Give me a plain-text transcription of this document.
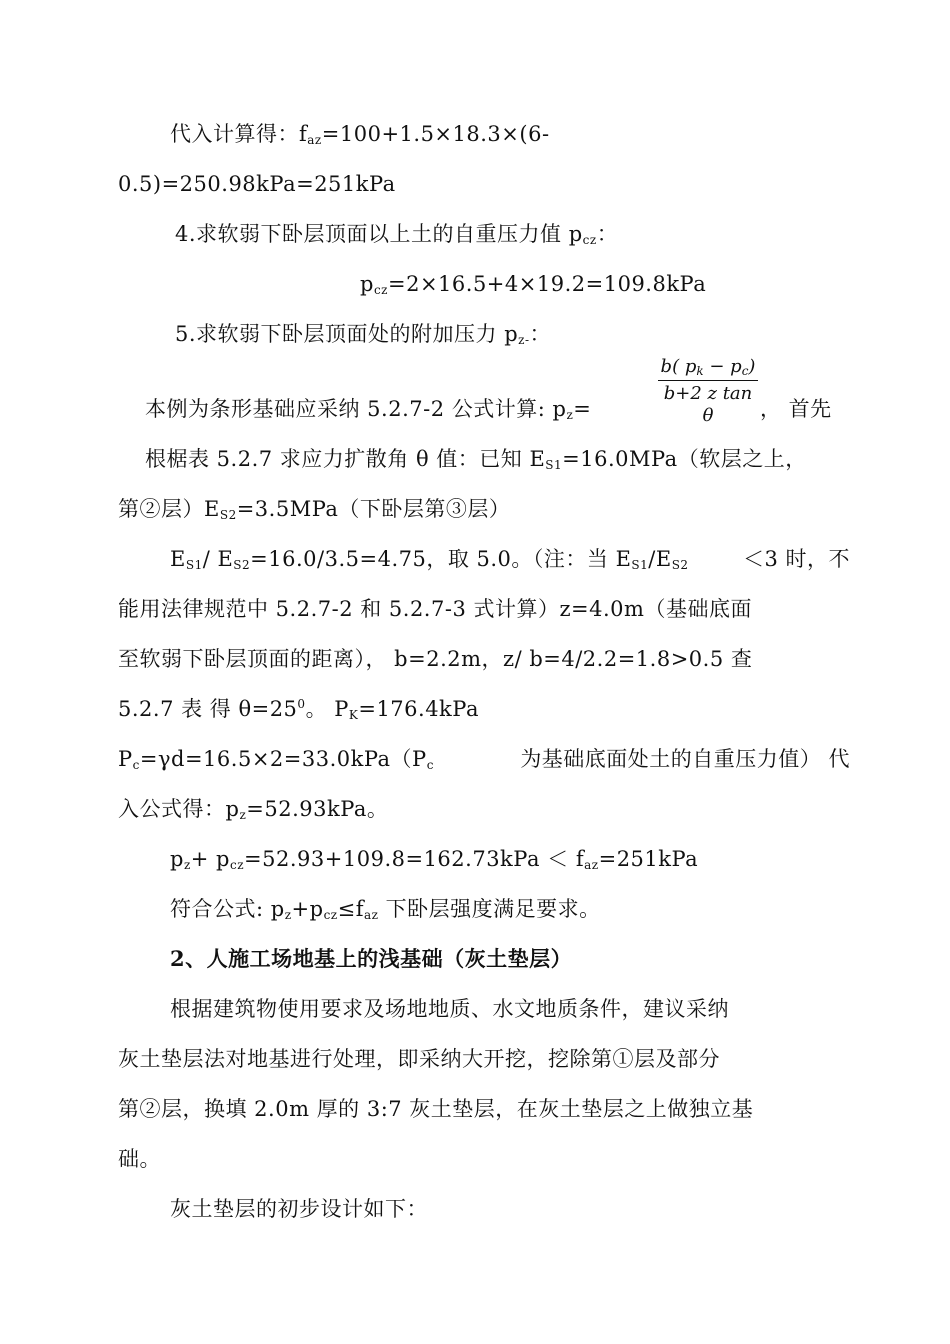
代入计算得：$f_{az}=100+1.5\times 18.3\times(6-$
0.5)=250.98kPa=251kPa
4.求软弱下卧层顶面以上土的自重压力值 $p_{cz}$：
$p_{cz}=2\times 16.5+4\times 19.2=109.8kPa$
5.求软弱下卧层顶面处的附加压力 $p_{z-}$：
$\frac{b( p_k - p_c)}{\text{b+2 z tan θ}}$
本例为条形基础应采纳 5.2.7-2 公式计算: $p_z=$	， 首先
根椐表 5.2.7 求应力扩散角 θ 值：已知 $E_{S1}=16.0MPa$（软层之上，
第②层）$E_{S2}=3.5MPa$（下卧层第③层）
$E_{S1}/$ $E_{S2}=16.0/3.5=4.75$，取 5.0。（注：当 $E_{S1}/E_{S2}$	＜3 时，不
能用法律规范中 5.2.7-2 和 5.2.7-3 式计算）z=4.0m（基础底面
至软弱下卧层顶面的距离）， b=2.2m，z/ b=4/2.2=1.8>0.5 查
5.2.7 表 得 $\theta=25^0$。 $P_K=176.4kPa$
$P_c=\gamma d=16.5\times 2=33.0kPa(P_c$	为基础底面处土的自重压力值） 代
入公式得：$p_z=52.93kPa$。
$p_z+ p_{cz}=52.93+109.8=162.73kPa < f_{az}=251kPa$
符合公式: $p_z+p_{cz}\le f_{az}$ 下卧层强度满足要求。
2、人施工场地基上的浅基础（灰土垫层）
根据建筑物使用要求及场地地质、水文地质条件，建议采纳
灰土垫层法对地基进行处理，即采纳大开挖，挖除第①层及部分
第②层，换填 2.0m 厚的 3:7 灰土垫层，在灰土垫层之上做独立基
础。
灰土垫层的初步设计如下：
